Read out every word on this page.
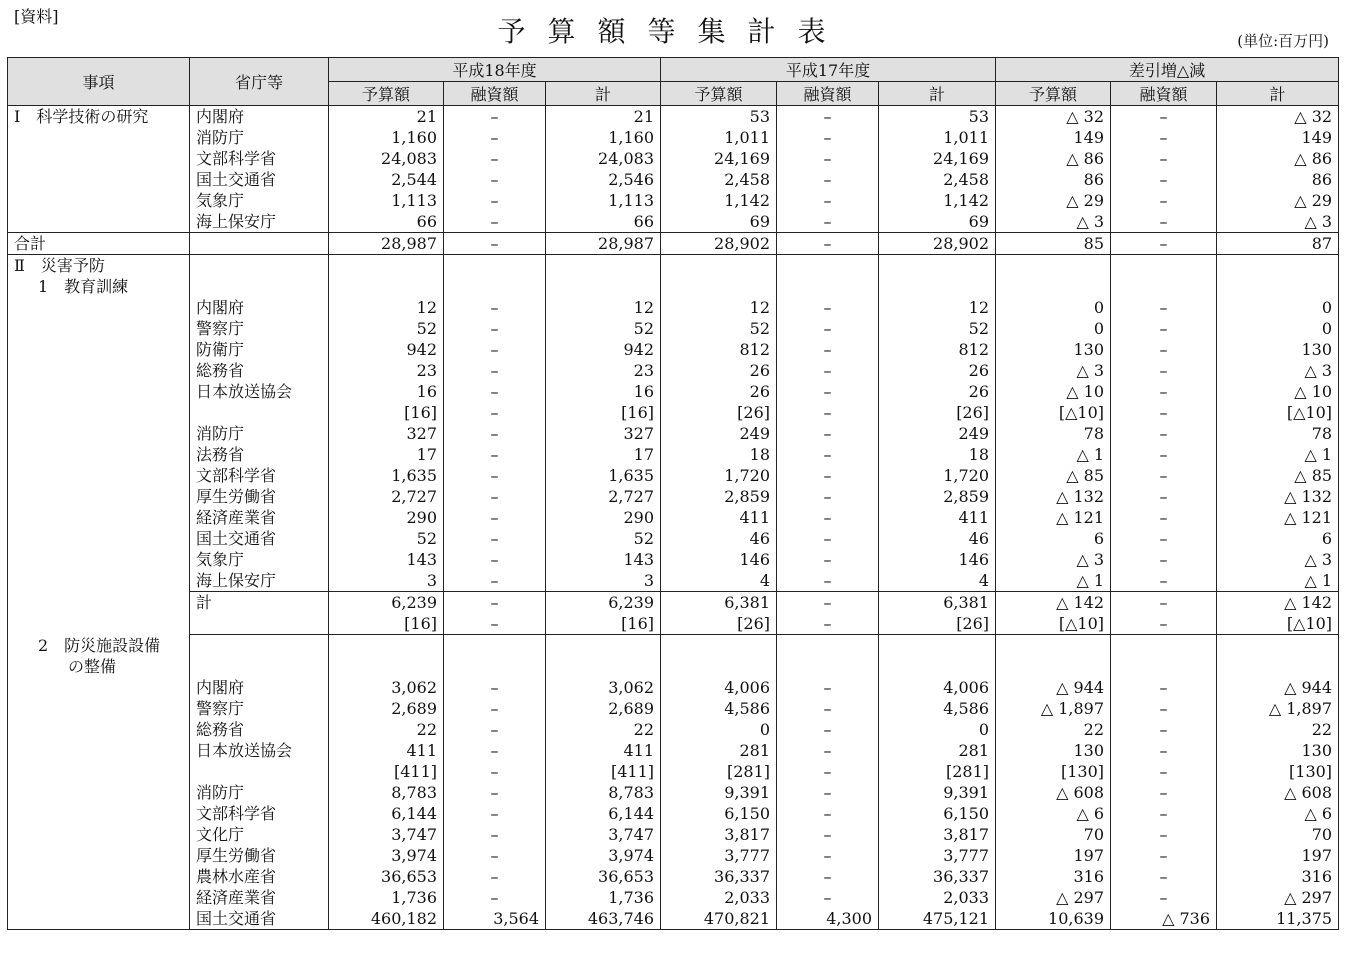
[資料]	予算額等集計表	(単位:百万円)
事項	省庁等	平成18年度			平成17年度			差引増△減		
		予算額	融資額	計	予算額	融資額	計	予算額	融資額	計
Ⅰ　科学技術の研究	内閣府	21	–	21	53	–	53	△ 32	–	△ 32
	消防庁	1,160	–	1,160	1,011	–	1,011	149	–	149
	文部科学省	24,083	–	24,083	24,169	–	24,169	△ 86	–	△ 86
	国土交通省	2,544	–	2,546	2,458	–	2,458	86	–	86
	気象庁	1,113	–	1,113	1,142	–	1,142	△ 29	–	△ 29
	海上保安庁	66	–	66	69	–	69	△ 3	–	△ 3
合計		28,987	–	28,987	28,902	–	28,902	85	–	87
Ⅱ　災害予防										
1　教育訓練										
	内閣府	12	–	12	12	–	12	0	–	0
	警察庁	52	–	52	52	–	52	0	–	0
	防衛庁	942	–	942	812	–	812	130	–	130
	総務省	23	–	23	26	–	26	△ 3	–	△ 3
	日本放送協会	16	–	16	26	–	26	△ 10	–	△ 10
		[16]	–	[16]	[26]	–	[26]	[△10]	–	[△10]
	消防庁	327	–	327	249	–	249	78	–	78
	法務省	17	–	17	18	–	18	△ 1	–	△ 1
	文部科学省	1,635	–	1,635	1,720	–	1,720	△ 85	–	△ 85
	厚生労働省	2,727	–	2,727	2,859	–	2,859	△ 132	–	△ 132
	経済産業省	290	–	290	411	–	411	△ 121	–	△ 121
	国土交通省	52	–	52	46	–	46	6	–	6
	気象庁	143	–	143	146	–	146	△ 3	–	△ 3
	海上保安庁	3	–	3	4	–	4	△ 1	–	△ 1
	計	6,239	–	6,239	6,381	–	6,381	△ 142	–	△ 142
		[16]	–	[16]	[26]	–	[26]	[△10]	–	[△10]
2　防災施設設備										
の整備										
	内閣府	3,062	–	3,062	4,006	–	4,006	△ 944	–	△ 944
	警察庁	2,689	–	2,689	4,586	–	4,586	△ 1,897	–	△ 1,897
	総務省	22	–	22	0	–	0	22	–	22
	日本放送協会	411	–	411	281	–	281	130	–	130
		[411]	–	[411]	[281]	–	[281]	[130]	–	[130]
	消防庁	8,783	–	8,783	9,391	–	9,391	△ 608	–	△ 608
	文部科学省	6,144	–	6,144	6,150	–	6,150	△ 6	–	△ 6
	文化庁	3,747	–	3,747	3,817	–	3,817	70	–	70
	厚生労働省	3,974	–	3,974	3,777	–	3,777	197	–	197
	農林水産省	36,653	–	36,653	36,337	–	36,337	316	–	316
	経済産業省	1,736	–	1,736	2,033	–	2,033	△ 297	–	△ 297
	国土交通省	460,182	3,564	463,746	470,821	4,300	475,121	10,639	△ 736	11,375
